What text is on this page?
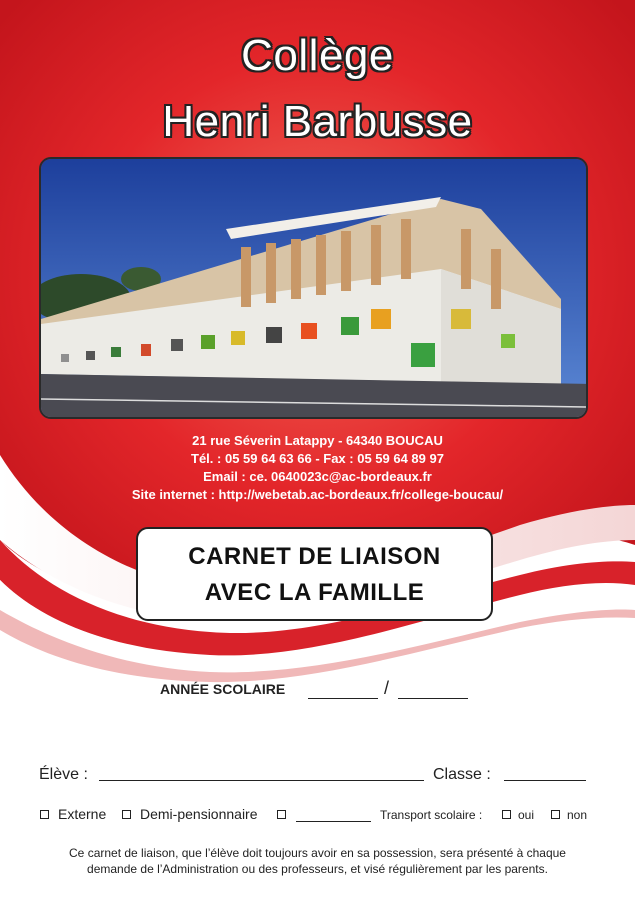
Collège
Henri Barbusse
21 rue Séverin Latappy - 64340 BOUCAU
Tél. : 05 59 64 63 66 - Fax : 05 59 64 89 97
Email : ce. 0640023c@ac-bordeaux.fr
Site internet : http://webetab.ac-bordeaux.fr/college-boucau/
CARNET DE LIAISON
AVEC LA FAMILLE
ANNÉE SCOLAIRE	/
Élève :	Classe :
Externe Demi-pensionnaire	Transport scolaire :	oui	non
Ce carnet de liaison, que l’élève doit toujours avoir en sa possession, sera présenté à chaque
demande de l’Administration ou des professeurs, et visé régulièrement par les parents.
